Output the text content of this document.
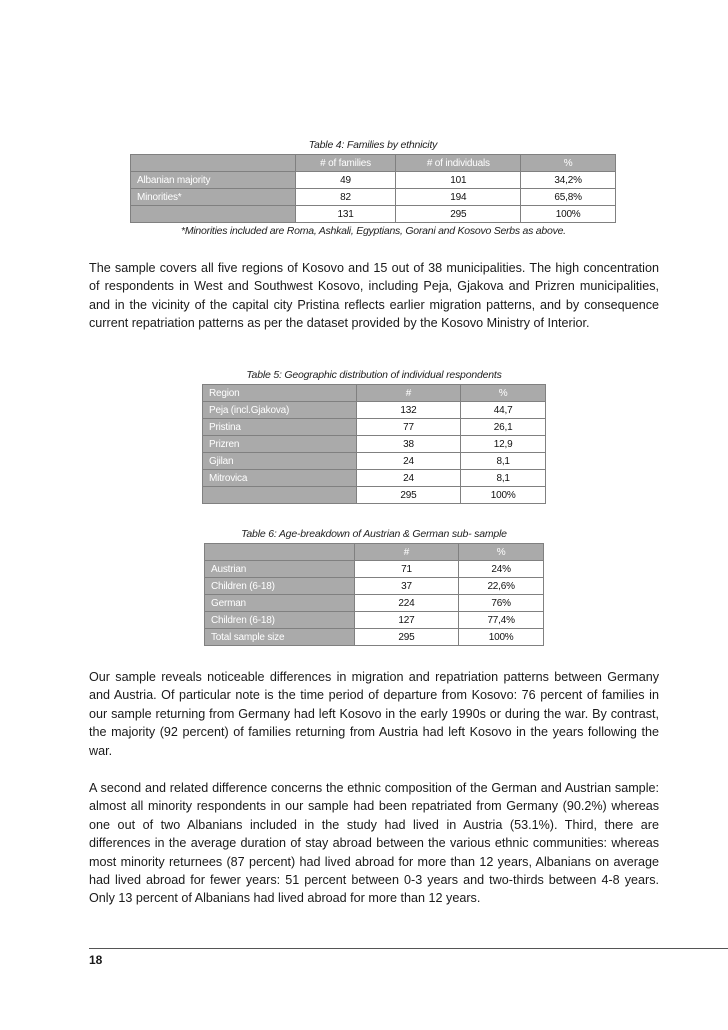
Table 4: Families by ethnicity
	# of families	# of individuals	%
Albanian majority	49	101	34,2%
Minorities*	82	194	65,8%
	131	295	100%
*Minorities included are Roma, Ashkali, Egyptians, Gorani and Kosovo Serbs as above.

The sample covers all five regions of Kosovo and 15 out of 38 municipalities. The high concentration of respondents in West and Southwest Kosovo, including Peja, Gjakova and Prizren municipalities, and in the vicinity of the capital city Pristina reflects earlier migration patterns, and by consequence current repatriation patterns as per the dataset provided by the Kosovo Ministry of Interior.

Table 5: Geographic distribution of individual respondents
Region	#	%
Peja (incl.Gjakova)	132	44,7
Pristina	77	26,1
Prizren	38	12,9
Gjilan	24	8,1
Mitrovica	24	8,1
	295	100%
Table 6: Age-breakdown of Austrian & German sub- sample
	#	%
Austrian	71	24%
Children (6-18)	37	22,6%
German	224	76%
Children (6-18)	127	77,4%
Total sample size	295	100%

Our sample reveals noticeable differences in migration and repatriation patterns between Germany and Austria. Of particular note is the time period of departure from Kosovo: 76 percent of families in our sample returning from Germany had left Kosovo in the early 1990s or during the war. By contrast, the majority (92 percent) of families returning from Austria had left Kosovo in the years following the war.

A second and related difference concerns the ethnic composition of the German and Austrian sample: almost all minority respondents in our sample had been repatriated from Germany (90.2%) whereas one out of two Albanians included in the study had lived in Austria (53.1%). Third, there are differences in the average duration of stay abroad between the various ethnic communities: whereas most minority returnees (87 percent) had lived abroad for more than 12 years, Albanians on average had lived abroad for fewer years: 51 percent between 0-3 years and two-thirds between 4-8 years. Only 13 percent of Albanians had lived abroad for more than 12 years.

18
